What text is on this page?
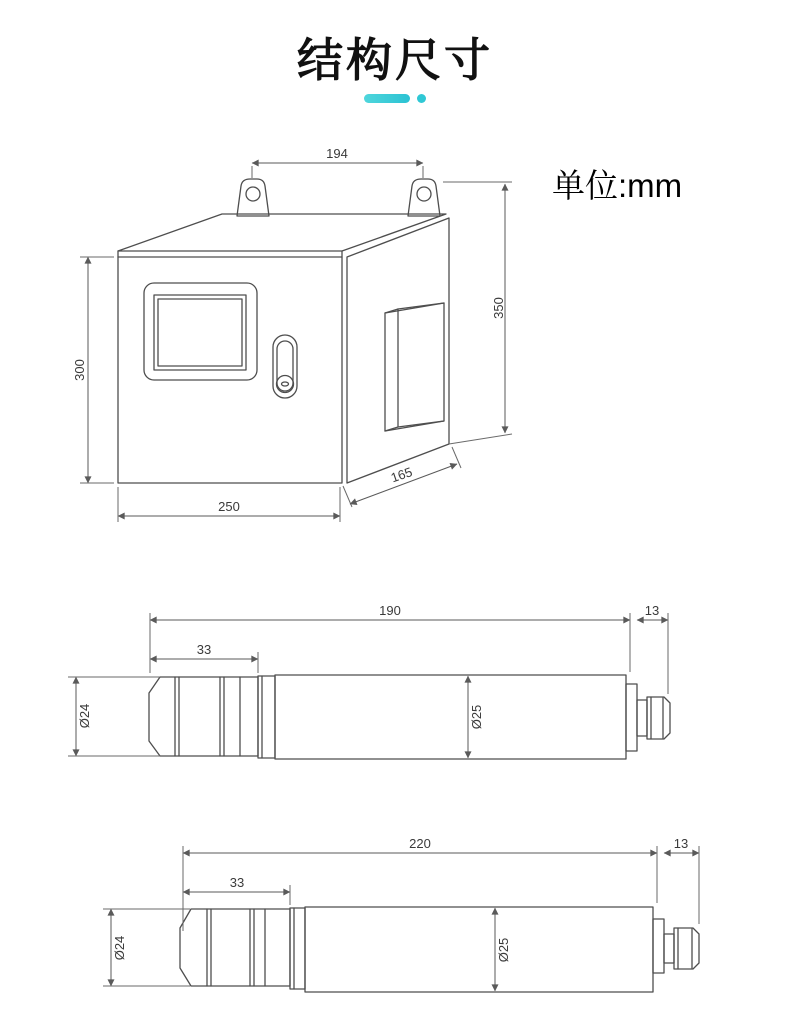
结构尺寸
单位:mm
194
350
300
250
165
190	13
33
Ø24	Ø25
220	13
33
Ø24	Ø25
